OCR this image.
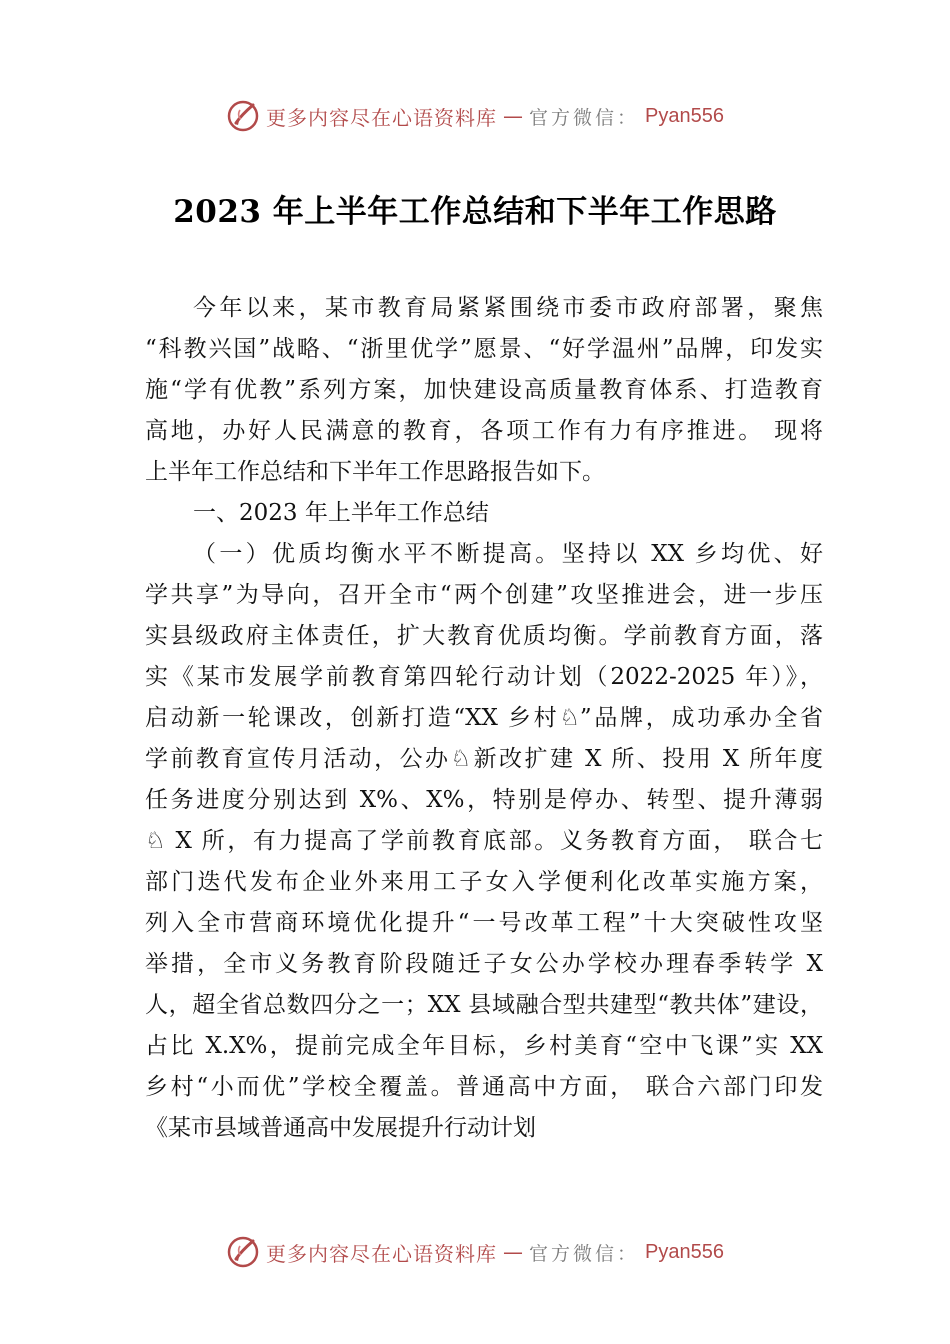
更多内容尽在心语资料库 — 官方微信： Pyan556
2023 年上半年工作总结和下半年工作思路
今年以来，某市教育局紧紧围绕市委市政府部署，聚焦
“科教兴国”战略、“浙里优学”愿景、“好学温州”品牌，印发实
施“学有优教”系列方案，加快建设高质量教育体系、打造教育
高地，办好人民满意的教育，各项工作有力有序推进。 现将
上半年工作总结和下半年工作思路报告如下。
一、2023 年上半年工作总结
（一）优质均衡水平不断提高。坚持以 XX 乡均优、好
学共享”为导向，召开全市“两个创建”攻坚推进会，进一步压
实县级政府主体责任，扩大教育优质均衡。学前教育方面，落
实《某市发展学前教育第四轮行动计划（2022-2025 年）》，
启动新一轮课改，创新打造“XX 乡村♘”品牌，成功承办全省
学前教育宣传月活动，公办♘新改扩建 X 所、投用 X 所年度
任务进度分别达到 X%、X%，特别是停办、转型、提升薄弱
♘ X 所，有力提高了学前教育底部。义务教育方面， 联合七
部门迭代发布企业外来用工子女入学便利化改革实施方案，
列入全市营商环境优化提升“一号改革工程”十大突破性攻坚
举措，全市义务教育阶段随迁子女公办学校办理春季转学 X
人，超全省总数四分之一；XX 县域融合型共建型“教共体”建设，
占比 X.X%，提前完成全年目标，乡村美育“空中飞课”实 XX
乡村“小而优”学校全覆盖。普通高中方面， 联合六部门印发
《某市县域普通高中发展提升行动计划
更多内容尽在心语资料库 — 官方微信： Pyan556
